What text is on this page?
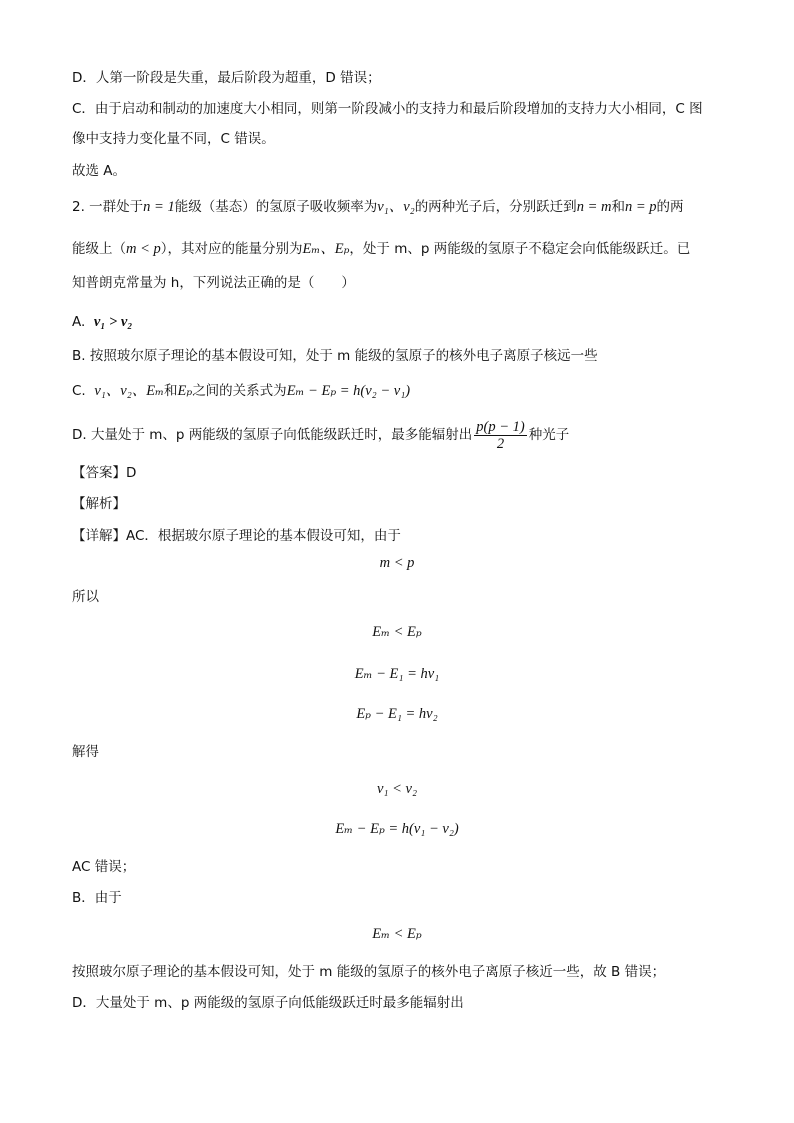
D．人第一阶段是失重，最后阶段为超重，D 错误；
C．由于启动和制动的加速度大小相同，则第一阶段减小的支持力和最后阶段增加的支持力大小相同，C 图
像中支持力变化量不同，C 错误。
故选 A。
2. 一群处于n = 1能级（基态）的氢原子吸收频率为ν₁、ν₂的两种光子后，分别跃迁到n = m和n = p的两
能级上（m < p），其对应的能量分别为Eₘ、Eₚ，处于 m、p 两能级的氢原子不稳定会向低能级跃迁。已
知普朗克常量为 h，下列说法正确的是（　　）
A. ν₁ > ν₂
B. 按照玻尔原子理论的基本假设可知，处于 m 能级的氢原子的核外电子离原子核远一些
C. ν₁、ν₂、Eₘ和Eₚ之间的关系式为Eₘ − Eₚ = h(ν₂ − ν₁)
D. 大量处于 m、p 两能级的氢原子向低能级跃迁时，最多能辐射出 $\frac{p(p - 1)}{2}$ 种光子
【答案】D
【解析】
【详解】AC．根据玻尔原子理论的基本假设可知，由于
m < p
所以
Eₘ < Eₚ
Eₘ − E₁ = hν₁
Eₚ − E₁ = hν₂
解得
ν₁ < ν₂
Eₘ − Eₚ = h(ν₁ − ν₂)
AC 错误；
B．由于
Eₘ < Eₚ
按照玻尔原子理论的基本假设可知，处于 m 能级的氢原子的核外电子离原子核近一些，故 B 错误；
D．大量处于 m、p 两能级的氢原子向低能级跃迁时最多能辐射出
